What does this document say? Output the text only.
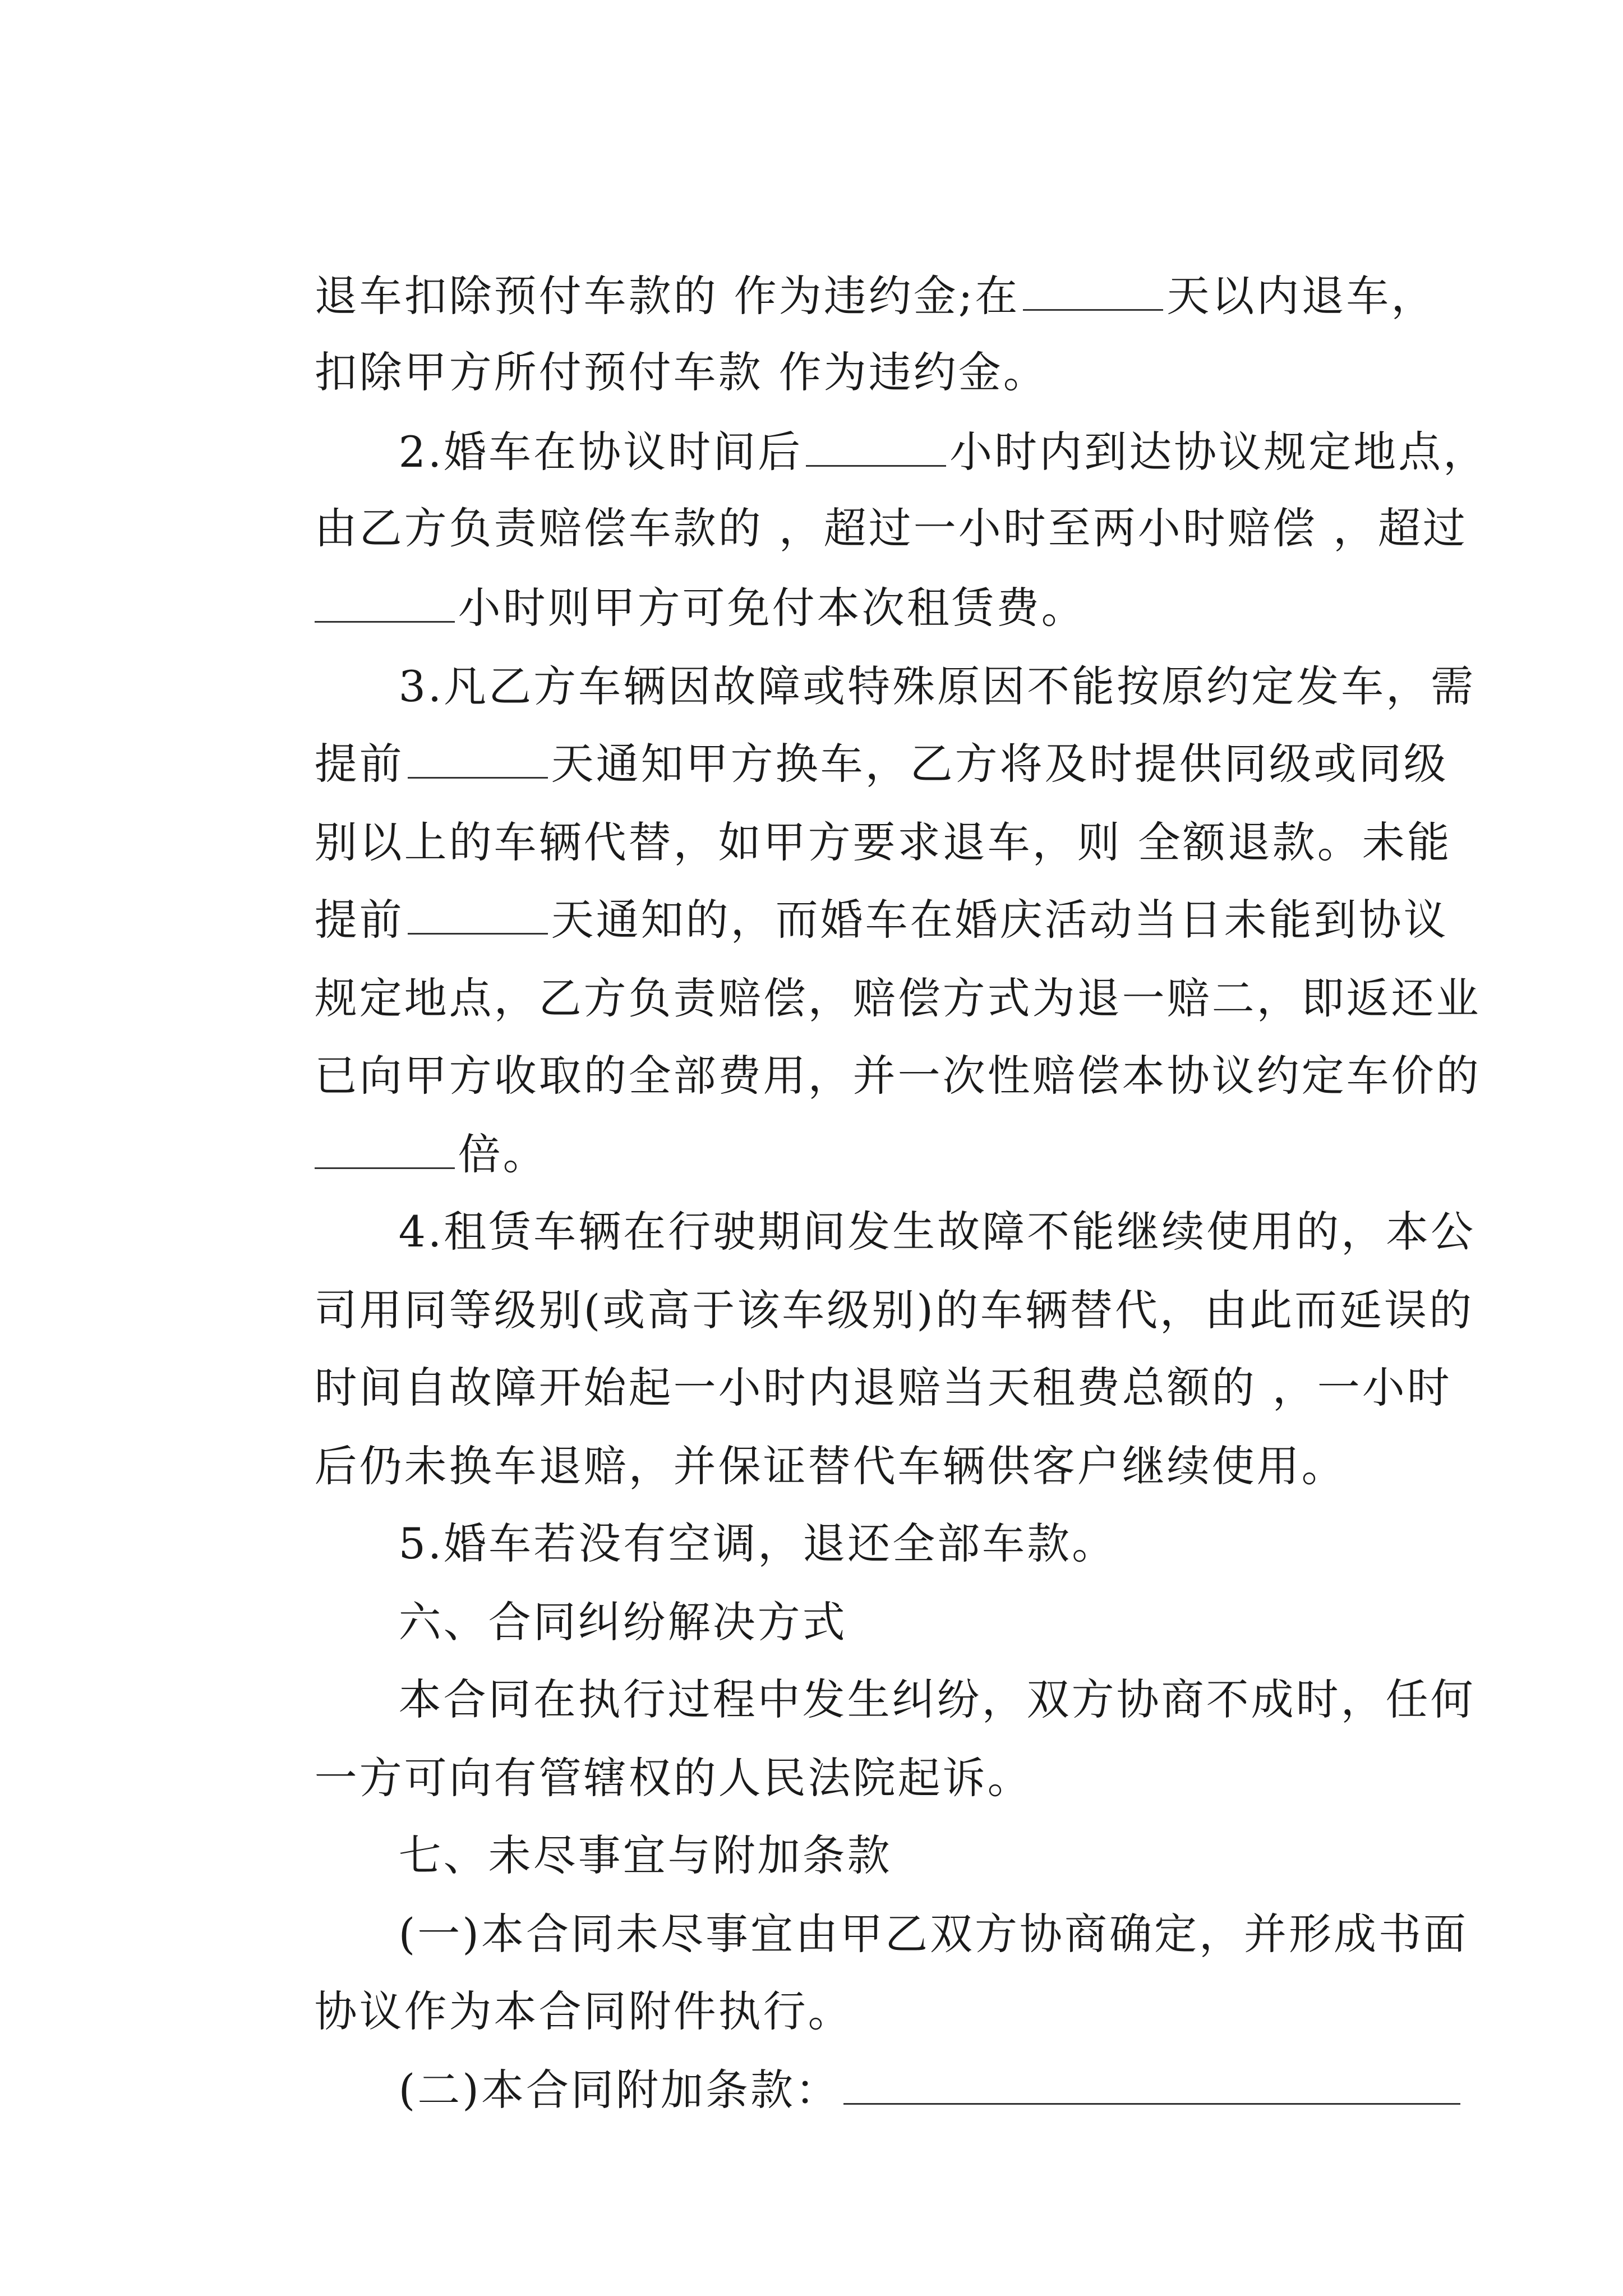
退车扣除预付车款的 作为违约金;在	天以内退车，

扣除甲方所付预付车款 作为违约金。

2.婚车在协议时间后	小时内到达协议规定地点，

由乙方负责赔偿车款的 ，超过一小时至两小时赔偿 ，超过

小时则甲方可免付本次租赁费。

3.凡乙方车辆因故障或特殊原因不能按原约定发车，需

提前	天通知甲方换车，乙方将及时提供同级或同级

别以上的车辆代替，如甲方要求退车，则 全额退款。未能

提前	天通知的，而婚车在婚庆活动当日未能到协议

规定地点，乙方负责赔偿，赔偿方式为退一赔二，即返还业

已向甲方收取的全部费用，并一次性赔偿本协议约定车价的

倍。

4.租赁车辆在行驶期间发生故障不能继续使用的，本公

司用同等级别(或高于该车级别)的车辆替代，由此而延误的

时间自故障开始起一小时内退赔当天租费总额的 ，一小时

后仍未换车退赔，并保证替代车辆供客户继续使用。

5.婚车若没有空调，退还全部车款。

六、合同纠纷解决方式

本合同在执行过程中发生纠纷，双方协商不成时，任何

一方可向有管辖权的人民法院起诉。

七、未尽事宜与附加条款

(一)本合同未尽事宜由甲乙双方协商确定，并形成书面

协议作为本合同附件执行。

(二)本合同附加条款：
